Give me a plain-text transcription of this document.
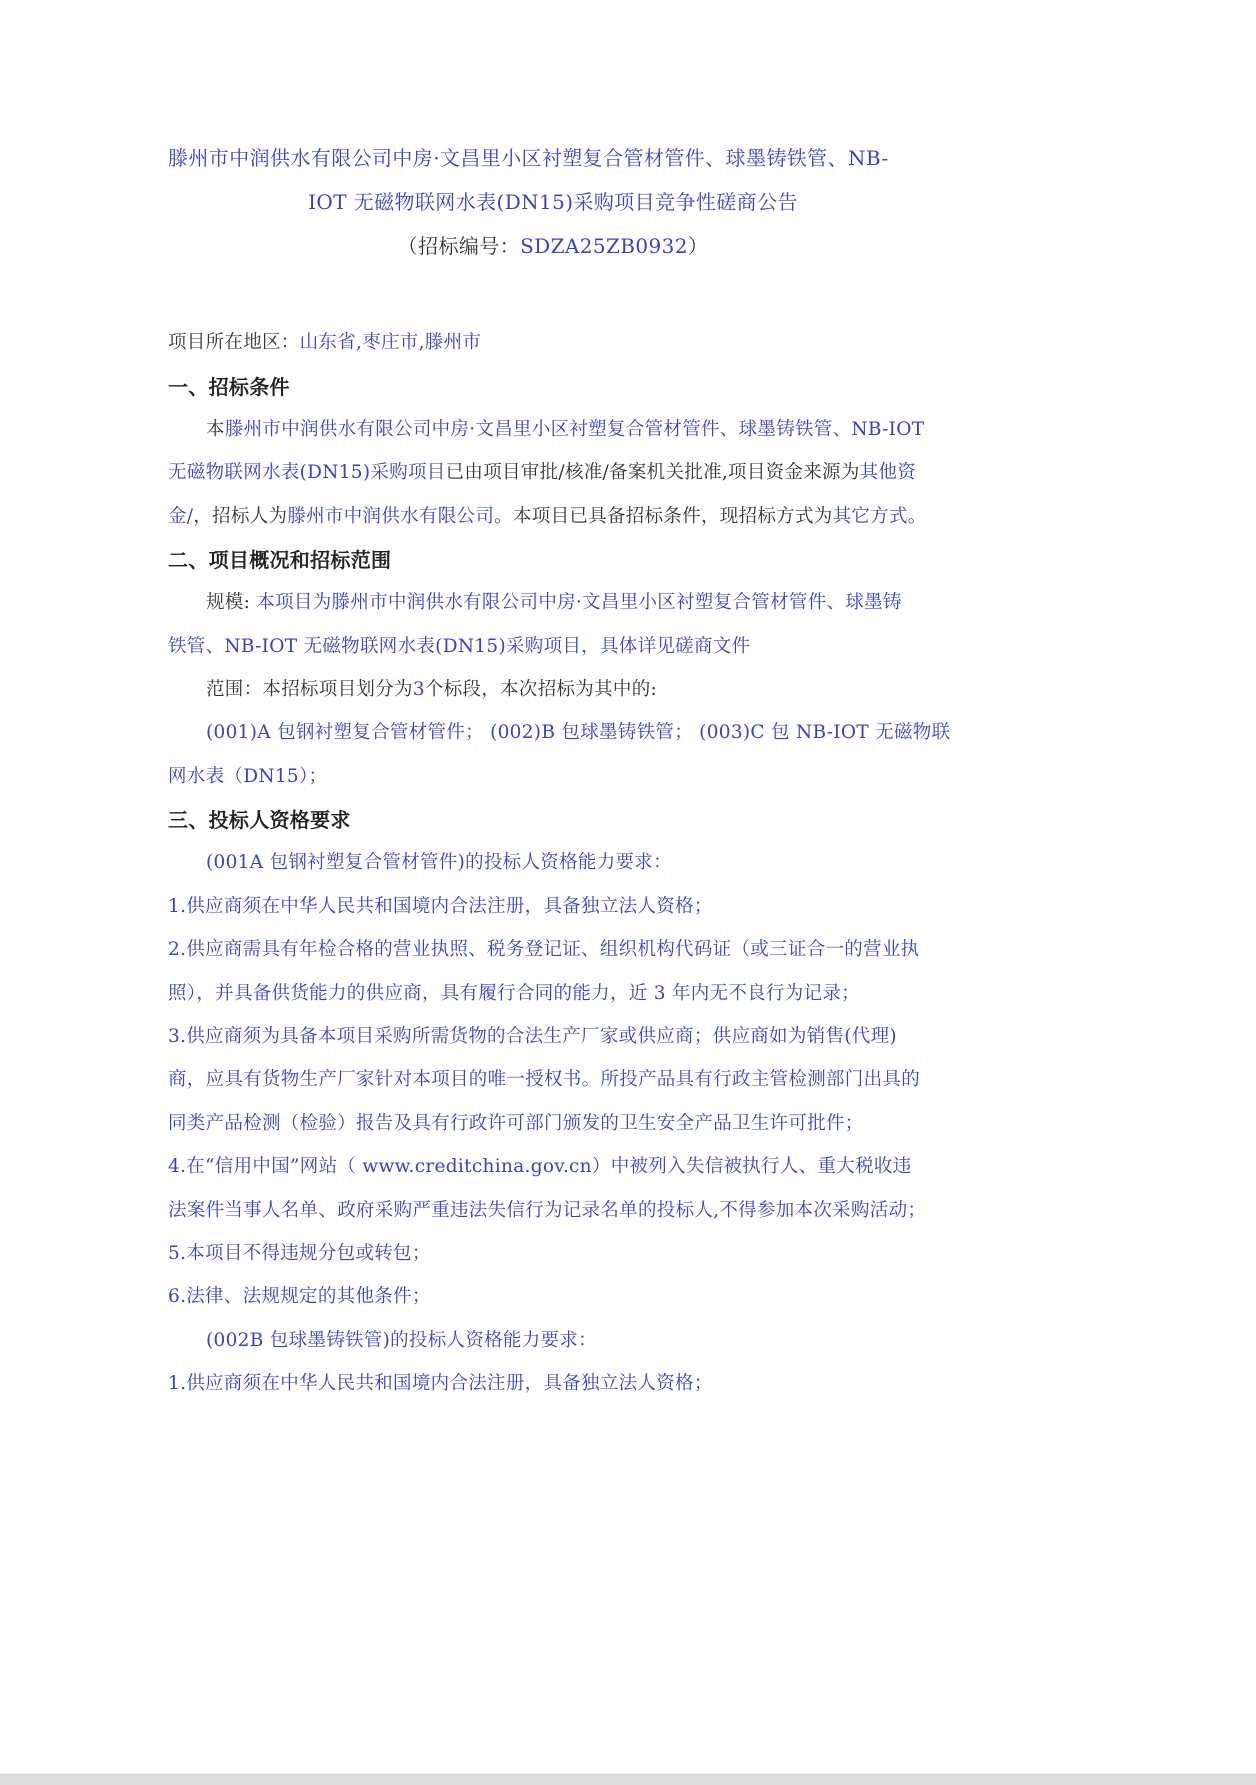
滕州市中润供水有限公司中房·文昌里小区衬塑复合管材管件、球墨铸铁管、NB-
IOT 无磁物联网水表(DN15)采购项目竞争性磋商公告
（招标编号：SDZA25ZB0932）
项目所在地区：山东省,枣庄市,滕州市
一、招标条件
本滕州市中润供水有限公司中房·文昌里小区衬塑复合管材管件、球墨铸铁管、NB-IOT
无磁物联网水表(DN15)采购项目已由项目审批/核准/备案机关批准,项目资金来源为其他资
金/，招标人为滕州市中润供水有限公司。本项目已具备招标条件，现招标方式为其它方式。
二、项目概况和招标范围
规模: 本项目为滕州市中润供水有限公司中房·文昌里小区衬塑复合管材管件、球墨铸
铁管、NB-IOT 无磁物联网水表(DN15)采购项目，具体详见磋商文件
范围：本招标项目划分为3个标段，本次招标为其中的:
(001)A 包钢衬塑复合管材管件； (002)B 包球墨铸铁管； (003)C 包 NB-IOT 无磁物联
网水表（DN15）；
三、投标人资格要求
(001A 包钢衬塑复合管材管件)的投标人资格能力要求：
1.供应商须在中华人民共和国境内合法注册，具备独立法人资格；
2.供应商需具有年检合格的营业执照、税务登记证、组织机构代码证（或三证合一的营业执
照），并具备供货能力的供应商，具有履行合同的能力，近 3 年内无不良行为记录；
3.供应商须为具备本项目采购所需货物的合法生产厂家或供应商；供应商如为销售(代理)
商，应具有货物生产厂家针对本项目的唯一授权书。所投产品具有行政主管检测部门出具的
同类产品检测（检验）报告及具有行政许可部门颁发的卫生安全产品卫生许可批件；
4.在“信用中国”网站（ www.creditchina.gov.cn）中被列入失信被执行人、重大税收违
法案件当事人名单、政府采购严重违法失信行为记录名单的投标人,不得参加本次采购活动；
5.本项目不得违规分包或转包；
6.法律、法规规定的其他条件；
(002B 包球墨铸铁管)的投标人资格能力要求：
1.供应商须在中华人民共和国境内合法注册，具备独立法人资格；
